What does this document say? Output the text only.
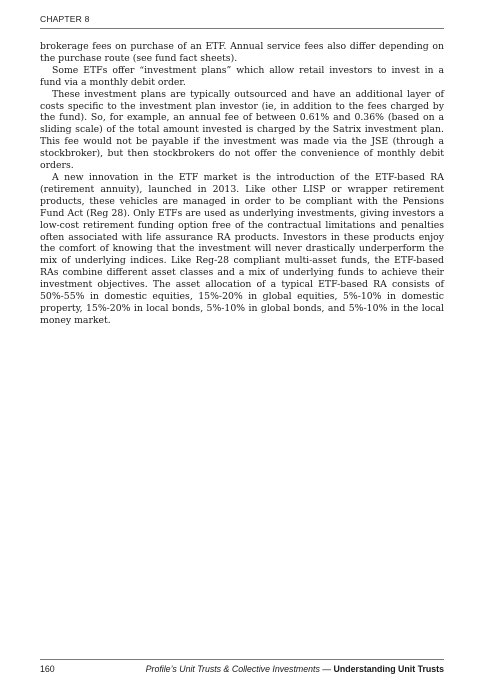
CHAPTER 8

brokerage fees on purchase of an ETF. Annual service fees also differ depending on the purchase route (see fund fact sheets).

Some ETFs offer “investment plans” which allow retail investors to invest in a fund via a monthly debit order.

These investment plans are typically outsourced and have an additional layer of costs specific to the investment plan investor (ie, in addition to the fees charged by the fund). So, for example, an annual fee of between 0.61% and 0.36% (based on a sliding scale) of the total amount invested is charged by the Satrix investment plan. This fee would not be payable if the investment was made via the JSE (through a stockbroker), but then stockbrokers do not offer the convenience of monthly debit orders.

A new innovation in the ETF market is the introduction of the ETF-based RA (retirement annuity), launched in 2013. Like other LISP or wrapper retirement products, these vehicles are managed in order to be compliant with the Pensions Fund Act (Reg 28). Only ETFs are used as underlying investments, giving investors a low-cost retirement funding option free of the contractual limitations and penalties often associated with life assurance RA products. Investors in these products enjoy the comfort of knowing that the investment will never drastically underperform the mix of underlying indices. Like Reg-28 compliant multi-asset funds, the ETF-based RAs combine different asset classes and a mix of underlying funds to achieve their investment objectives. The asset allocation of a typical ETF-based RA consists of 50%-55% in domestic equities, 15%-20% in global equities, 5%-10% in domestic property, 15%-20% in local bonds, 5%-10% in global bonds, and 5%-10% in the local money market.

160	Profile’s Unit Trusts & Collective Investments — Understanding Unit Trusts
